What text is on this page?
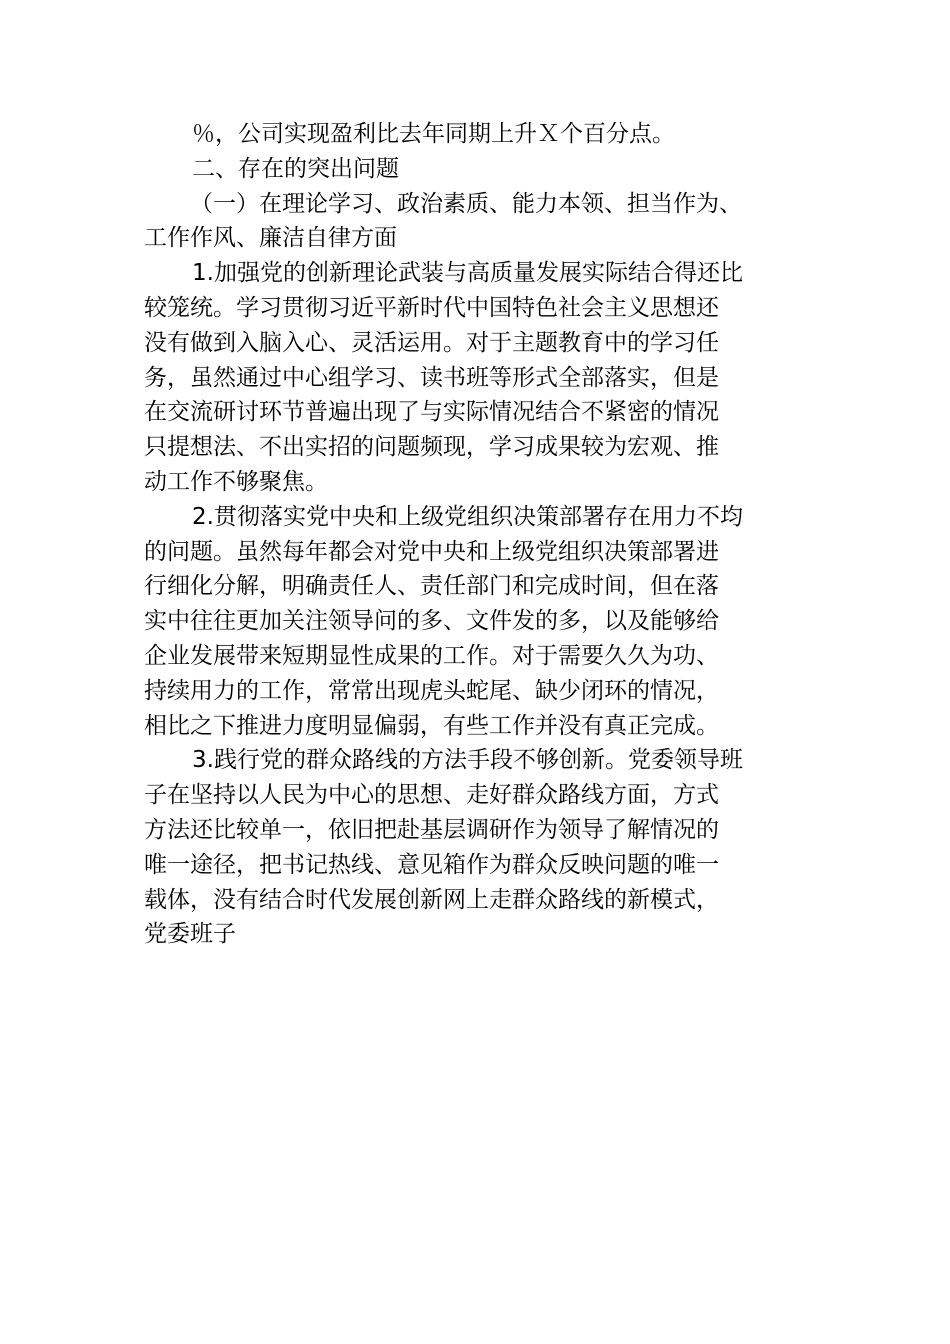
％，公司实现盈利比去年同期上升Ｘ个百分点。
二、存在的突出问题
（一）在理论学习、政治素质、能力本领、担当作为、
工作作风、廉洁自律方面
1.加强党的创新理论武装与高质量发展实际结合得还比
较笼统。学习贯彻习近平新时代中国特色社会主义思想还
没有做到入脑入心、灵活运用。对于主题教育中的学习任
务，虽然通过中心组学习、读书班等形式全部落实，但是
在交流研讨环节普遍出现了与实际情况结合不紧密的情况
只提想法、不出实招的问题频现，学习成果较为宏观、推
动工作不够聚焦。
2.贯彻落实党中央和上级党组织决策部署存在用力不均
的问题。虽然每年都会对党中央和上级党组织决策部署进
行细化分解，明确责任人、责任部门和完成时间，但在落
实中往往更加关注领导问的多、文件发的多，以及能够给
企业发展带来短期显性成果的工作。对于需要久久为功、
持续用力的工作，常常出现虎头蛇尾、缺少闭环的情况，
相比之下推进力度明显偏弱，有些工作并没有真正完成。
3.践行党的群众路线的方法手段不够创新。党委领导班
子在坚持以人民为中心的思想、走好群众路线方面，方式
方法还比较单一，依旧把赴基层调研作为领导了解情况的
唯一途径，把书记热线、意见箱作为群众反映问题的唯一
载体，没有结合时代发展创新网上走群众路线的新模式，
党委班子
